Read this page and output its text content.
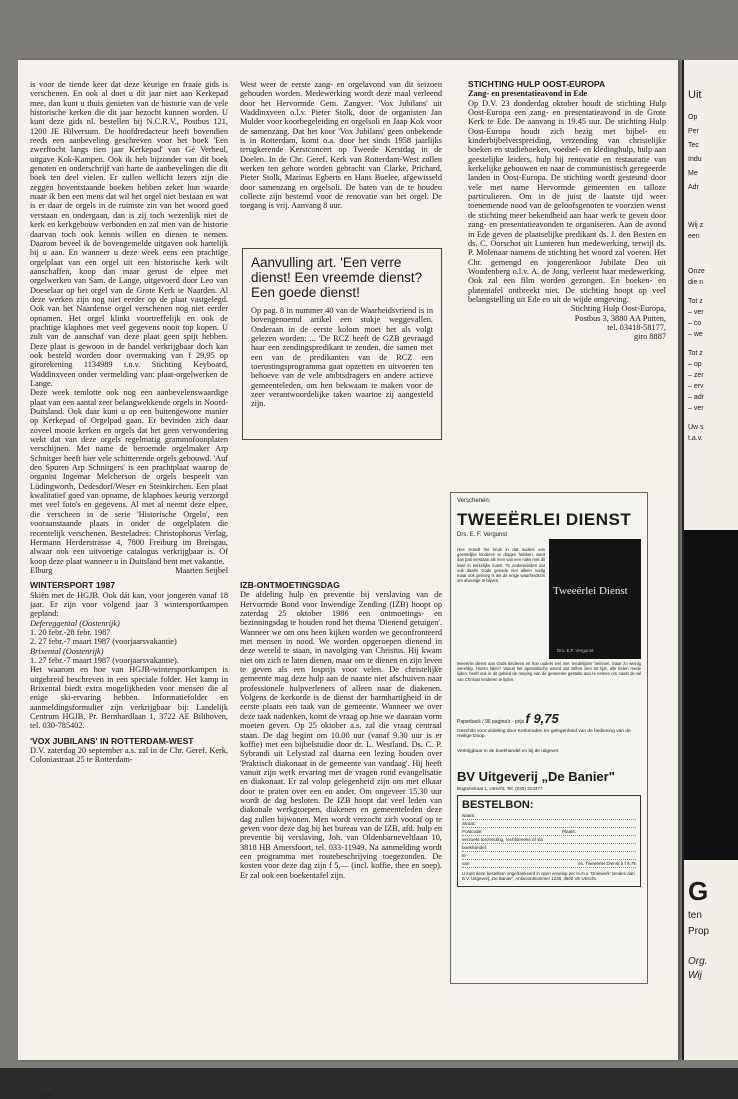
is voor de tiende keer dat deze keurige en fraaie gids is verschenen. En ook al doet u dit jaar niet aan Kerkepad mee, dan kunt u thuis genieten van de historie van de vele historische kerken die dit jaar bezocht kunnen worden. U kunt deze gids nl. bestellen bij N.C.R.V., Postbus 121, 1200 JE Hilversum. De hoofdredacteur heeft bovendien reeds een aanbeveling geschreven voor het boek 'Een zwerftocht langs tien jaar Kerkepad' van Gé Verheul, uitgave Kok-Kampen. Ook ik heb bijzonder van dit boek genoten en onderschrijf van harte de aanbevelingen die dit boek ten deel vielen. Er zullen wellicht lezers zijn die zeggen hoventstaande boeken hebben zeker hun waarde maar ik ben een mens dat wil het orgel niet bestaan en wat is er daar de orgels in de ruimste zin van het woord goed verstaan en ondergaan, dan is zij toch wezenlijk niet de kerk en kerkgebouw verbonden en zal men van de historie daarvan toch ook kennis willen en dienen te nemen. Daarom beveel ik de bovengemelde uitgaven ook hartelijk bij u aan. En wanneer u deze week eens een prachtige orgelplaat van een orgel uit een historische kerk wilt aanschaffen, koop dan maar gerust de elpee met orgelwerken van Sam. de Lange, uitgevoerd door Leo van Doeselaar op het orgel van de Grote Kerk te Naarden. Al deze werken zijn nog niet eerder op de plaat vastgelegd. Ook van het Naardense orgel verschenen nog niet eerder opnamen. Het orgel klinkt voortreffelijk en ook de prachtige klaphoes met veel gegevens nooit top kopen. U zult van de aanschaf van deze plaat geen spijt hebben. Deze plaat is gewoon in de handel verkrijgbaar doch kan ook besteld worden door overmaking van f 29,95 op girorekening 1134989 t.n.v. Stichting Keyboard, Waddinxveen onder vermelding van: plaat-orgelwerken de Lange.

Deze week temlotte ook nog een aanbevelenswaardige plaat van een aantal zeer belangwekkende orgels in Noord-Duitsland. Ook daar kunt u op een buitengewone manier op Kerkepad of Orgelpad gaan. Er bevinden zich daar zoveel mooie kerken en orgels dat het geen verwondering wekt dat van deze orgels regelmatig grammofoonplaten verschijnen. Met name de beroemde orgelmaker Arp Schnitger heeft hier vele schitterende orgels gebouwd. 'Auf den Spuren Arp Schnitgers' is een prachtplaat waarop de organist Ingemar Melcherson de orgels bespeelt van Lüdingworth, Dedesdorf/Weser en Steinkirchen. Een plaat kwalitatief goed van opname, de klaphoes keurig verzorgd met veel foto's en gegevens. Al met al neemt deze elpee, die verscheen in de serie 'Historische Orgeln', een vooraanstaande plaats in onder de orgelplaten die recentelijk verschenen. Besteladres: Christophorus Verlag, Hermann Herderstrasse 4, 7800 Freiburg im Breisgau, alwaar ook een uitvoerige catalogus verkrijgbaar is. Of koop deze plaat wanneer u in Duitsland bent met vakantie.

Elburg	Maarten Seijbel

WINTERSPORT 1987

Skiën met de HGJB. Ook dát kan, voor jongeren vanaf 18 jaar. Er zijn voor volgend jaar 3 wintersportkampen gepland:

Defereggental (Oostenrijk)

1. 20 febr.-28 febr. 1987

2. 27 febr.-7 maart 1987 (voorjaarsvakantie)

Brixental (Oostenrijk)

1. 27 febr.-7 maart 1987 (voorjaarsvakantie).

Het waarom en hoe van HGJB-wintersportkampen is uitgebreid beschreven in een speciale folder. Het kamp in Brixental biedt extra mogelijkheden voor mensen die al enige ski-ervaring hebben. Informatiefolder en aanmeldingsformulier zijn verkrijgbaar bij: Landelijk Centrum HGJB, Pr. Bernhardlaan 1, 3722 AE Bilthoven, tel. 030-785402.

'VOX JUBILANS' IN ROTTERDAM-WEST

D.V. zaterdag 20 september a.s. zal in de Chr. Geref. Kerk, Coloniastraat 25 te Rotterdam-

West weer de eerste zang- en orgelavond van dit seizoen gehouden worden. Medewerking wordt deze maal verleend door het Hervormde Gem. Zangver. 'Vox Jubilans' uit Waddinxveen o.l.v. Pieter Stolk, door de organisten Jan Mulder voor koorbegeleiding en orgelsoli en Jaap Kok voor de samenzang. Dat het koor 'Vox Jubilans' geen onbekende is in Rotterdam, komt o.a. door het sinds 1958 jaarlijks terugkerende Kerstconcert op Tweede Kerstdag in de Doelen. In de Chr. Geref. Kerk van Rotterdam-West zullen werken ten gehore worden gebracht van Clarke, Prichard, Pieter Stolk, Marinus Egberts en Hans Boelee, afgewisseld door samenzang en orgelsoli. De baten van de te houden collecte zijn bestemd voor de renovatie van het orgel. De toegang is vrij. Aanvang 8 uur.

Aanvulling art. 'Een verre dienst! Een vreemde dienst? Een goede dienst!
Op pag. 8 in nummer 40 van de Waarheidsvriend is in bovengenoemd artikel een stukje weggevallen. Onderaan in de eerste kolom moet het als volgt gelezen worden: ... 'De RCZ heeft de GZB gevraagd haar een zendingspredikant te zenden, die samen met een van de predikanten van de RCZ een toerustingsprogramma gaat opzetten en uitvoeren ten behoeve van de vele ambtsdragers en andere actieve gemeenteleden, om hen bekwaam te maken voor de zeer verantwoordelijke taken waartoe zij aangesteld zijn.

IZB-ONTMOETINGSDAG

De afdeling hulp en preventie bij verslaving van de Hervormde Bond voor Inwendige Zending (IZB) hoopt op zaterdag 25 oktober 1986 een ontmoetings- en bezinningsdag te houden rond het thema 'Dienend getuigen'. Wanneer we om ons heen kijken worden we geconfronteerd met mensen in nood. We worden opgeroepen dienend in deze wereld te staan, in navolging van Christus. Hij kwam niet om zich te laten dienen, maar om te dienen en zijn leven te geven als een losprijs voor velen. De christelijke gemeente mag deze hulp aan de naaste niet afschuiven naar professionele hulpverleners of alleen naar de diakenen. Volgens de kerkorde is de dienst der barmhartigheid in de eerste plaats een taak van de gemeente. Wanneer we over deze taak nadenken, komt de vraag op hoe we daaraan vorm moeten geven. Op 25 oktober a.s. zal die vraag centraal staan. De dag begint om 10.00 uur (vanaf 9.30 uur is er koffie) met een bijbelstudie door dr. L. Westland. Ds. C. P. Sybrandi uit Lelystad zal daarna een lezing houden over 'Praktisch diakonaat in de gemeente van vandaag'. Hij heeft vanuit zijn werk ervaring met de vragen rond evangelisatie en diakonaat. Er zal volop gelegenheid zijn om met elkaar door te praten over een en ander. Om ongeveer 15.30 uur wordt de dag besloten. De IZB hoopt dat veel leden van diakonale werkgroepen, diakenen en gemeenteleden deze dag zullen bijwonen. Men wordt verzocht zich vooraf op te geven voor deze dag bij het bureau van de IZB, afd. hulp en preventie bij verslaving, Joh. van Oldenbarneveltlaan 10, 3818 HB Amersfoort, tel. 033-11949. Na aanmelding wordt een programma met routebeschrijving toegezonden. De kosten voor deze dag zijn f 5,— (incl. koffie, thee en soep). Er zal ook een boekentafel zijn.

STICHTING HULP OOST-EUROPA

Zang- en presentatieavond in Ede

Op D.V. 23 donderdag oktober houdt de stichting Hulp Oost-Europa een zang- en presentatieavond in de Grote Kerk te Ede. De aanvang is 19.45 uur. De stichting Hulp Oost-Europa houdt zich bezig met bijbel- en kinderbijbelverspreiding, verzending van christelijke boeken en studieboeken, voedsel- en kledinghulp, hulp aan geestelijke leiders, hulp bij renovatie en restauratie van kerkelijke gebouwen en naar de communistisch geregeerde landen in Oost-Europa. De stichting wordt gesteund door vele met name Hervormde gemeenten en talloze particulieren. Om in de juist de laatste tijd weer toenemende nood van de geloofsgenoten te voorzien wenst de stichting meer bekendheid aan haar werk te geven door zang- en presentatieavonden te organiseren. Aan de avond in Ede geven de plaatselijke predikant ds. J. den Besten en ds. C. Oorschot uit Lunteren hun medewerking, terwijl ds. P. Molenaar namens de stichting het woord zal voeren. Het Chr. gemengd en jongerenkoor Jubilate Deo uit Woudenberg o.l.v. A. de Jong, verleent haar medewerking. Ook zal een film worden gezongen. En boeken- en platentafel ontbreekt niet. De stichting hoopt op veel belangstelling uit Ede en uit de wijde omgeving.

Stichting Hulp Oost-Europa,

Postbus 3, 3880 AA Putten,

tel. 03418-58177,

giro 8887

626
Verschenen:
TWEEËRLEI DIENST
Drs. E. F. Vergunst
Hoe zeradt het kruis in dat ouders van geestelijke kinderen te dragen hebben, want dan pas verstaan als men van een naks met dit kwel in kerkelijke kunst. Te onderwindien dat ook daarin Gods genade niet alleen nodig maar ook genoeg is als de enige waarheidszin om afwezige te blijven.
Tweeërlei Dienst
Drs. E.F. Vergunst
tweeërlei dienst aan Gods kinderen en hun ouders wel met 'medelijden' beinnen, maar zo weinig wereldig. Hoezo falen? Vanuit het apostolische woord dat zelfen zien tot lijdt, alle leden mede lijden, heeft ook in dit gebied de roeping van de gemeente gestalte aan te nemen om naast de wil van Christus kinderen te lijden.
Paperback / 96 pagina's - prijs f 9,75
Geschikt voor uitdeling door Kerkeraden ter gelegenheid van de bediening van de Heilige Doop.
Verkrijgbaar in de boekhandel en bij de uitgever.
BV Uitgeverij „De Banier"
Bogtenstraat 1, Utrecht. Tel. (030) 313377
BESTELBON:
Naam:
Straat:
Postcode:	Plaats:
verzoekt toezending, rechtstreeks of via
boekhandel:
te
van	ex. Tweeërlei Dienst à f 9,75
U kunt deze bestelbon ongefrankeerd in open envelop per m.m.v. 'Drukwerk' zenden aan B.V. Uitgeverij „De Banier", Antwoordnummer 1238, 3500 VE Utrecht.
Uit
Op
Per
Tec
Indu
Me
Adr
Wij z
een
Onze
die n
Tot z
– ver
– co
– we
Tot z
– op
– zer
– erv
– adr
– ver
Uw s
t.a.v.
G
ten
Prop
Org.
Wij
